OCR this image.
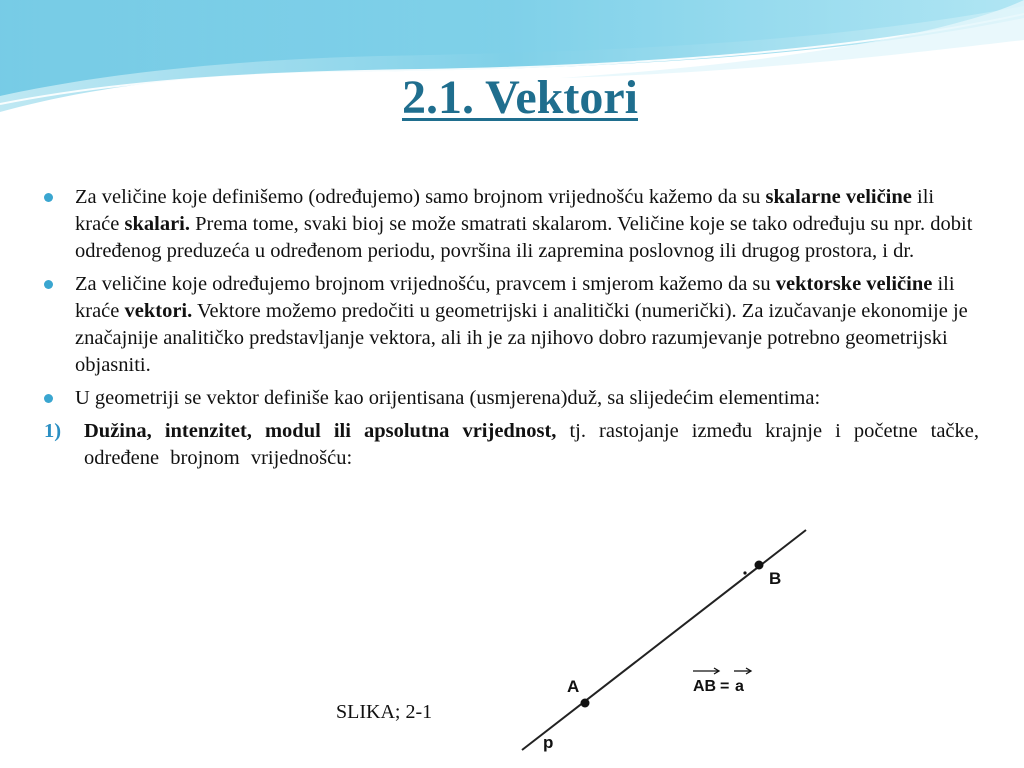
2.1. Vektori
Za veličine koje definišemo (određujemo) samo brojnom vrijednošću kažemo da su skalarne veličine ili kraće skalari. Prema tome, svaki bioj se može smatrati skalarom. Veličine koje se tako određuju su npr. dobit određenog preduzeća u određenom periodu, površina ili zapremina poslovnog ili drugog prostora, i dr.
Za veličine koje određujemo brojnom vrijednošću, pravcem i smjerom kažemo da su vektorske veličine ili kraće vektori. Vektore možemo predočiti u geometrijski i analitički (numerički). Za izučavanje ekonomije je značajnije analitičko predstavljanje vektora, ali ih je za njihovo dobro razumjevanje potrebno geometrijski objasniti.
U geometriji se vektor definiše kao orijentisana (usmjerena)duž, sa slijedećim elementima:
1) Dužina, intenzitet, modul ili apsolutna vrijednost, tj. rastojanje između krajnje i početne tačke, određene brojnom vrijednošću:
A
B
p
AB = a
SLIKA; 2-1
